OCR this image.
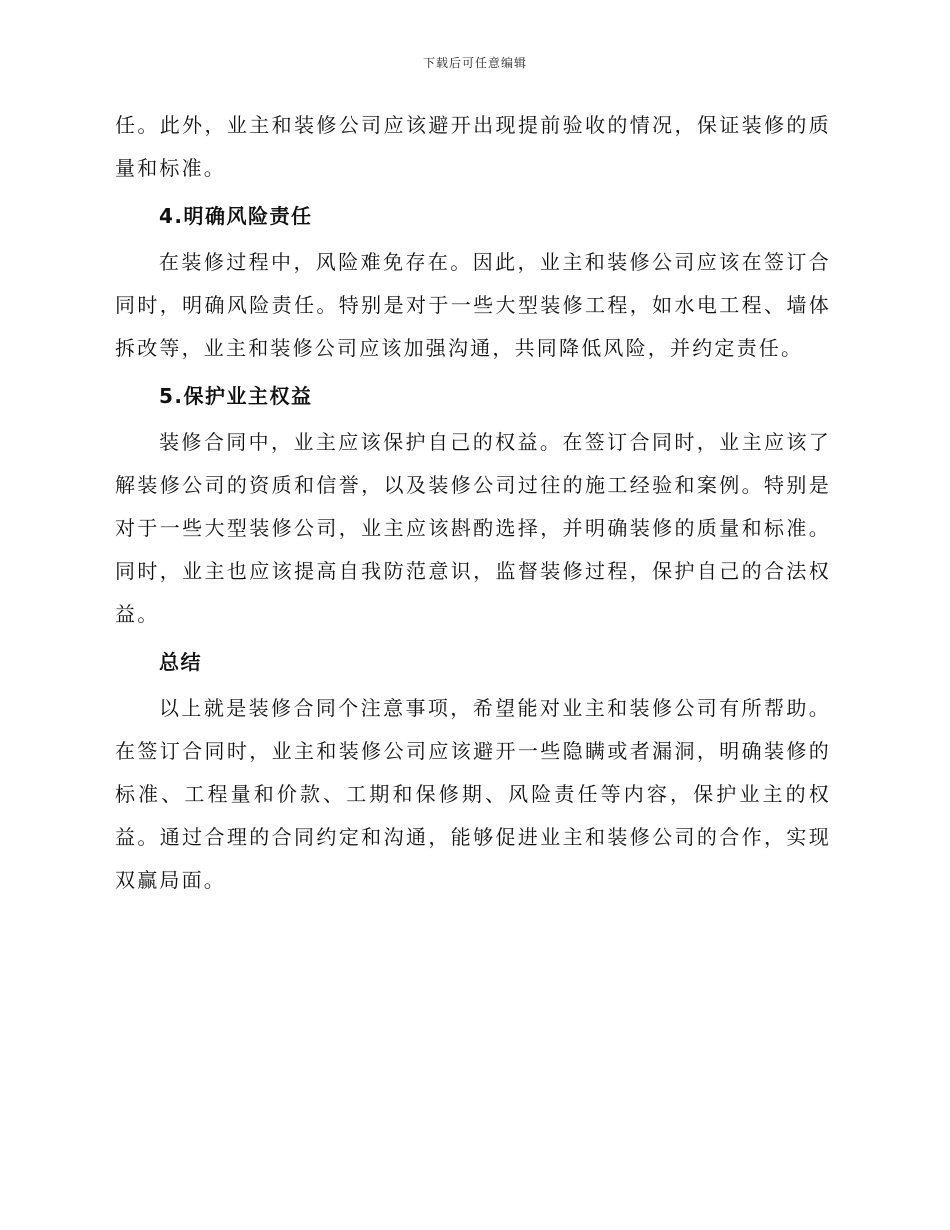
下载后可任意编辑

任。此外，业主和装修公司应该避开出现提前验收的情况，保证装修的质量和标准。

4.明确风险责任

在装修过程中，风险难免存在。因此，业主和装修公司应该在签订合同时，明确风险责任。特别是对于一些大型装修工程，如水电工程、墙体拆改等，业主和装修公司应该加强沟通，共同降低风险，并约定责任。

5.保护业主权益

装修合同中，业主应该保护自己的权益。在签订合同时，业主应该了解装修公司的资质和信誉，以及装修公司过往的施工经验和案例。特别是对于一些大型装修公司，业主应该斟酌选择，并明确装修的质量和标准。同时，业主也应该提高自我防范意识，监督装修过程，保护自己的合法权益。

总结

以上就是装修合同个注意事项，希望能对业主和装修公司有所帮助。在签订合同时，业主和装修公司应该避开一些隐瞒或者漏洞，明确装修的标准、工程量和价款、工期和保修期、风险责任等内容，保护业主的权益。通过合理的合同约定和沟通，能够促进业主和装修公司的合作，实现双赢局面。
